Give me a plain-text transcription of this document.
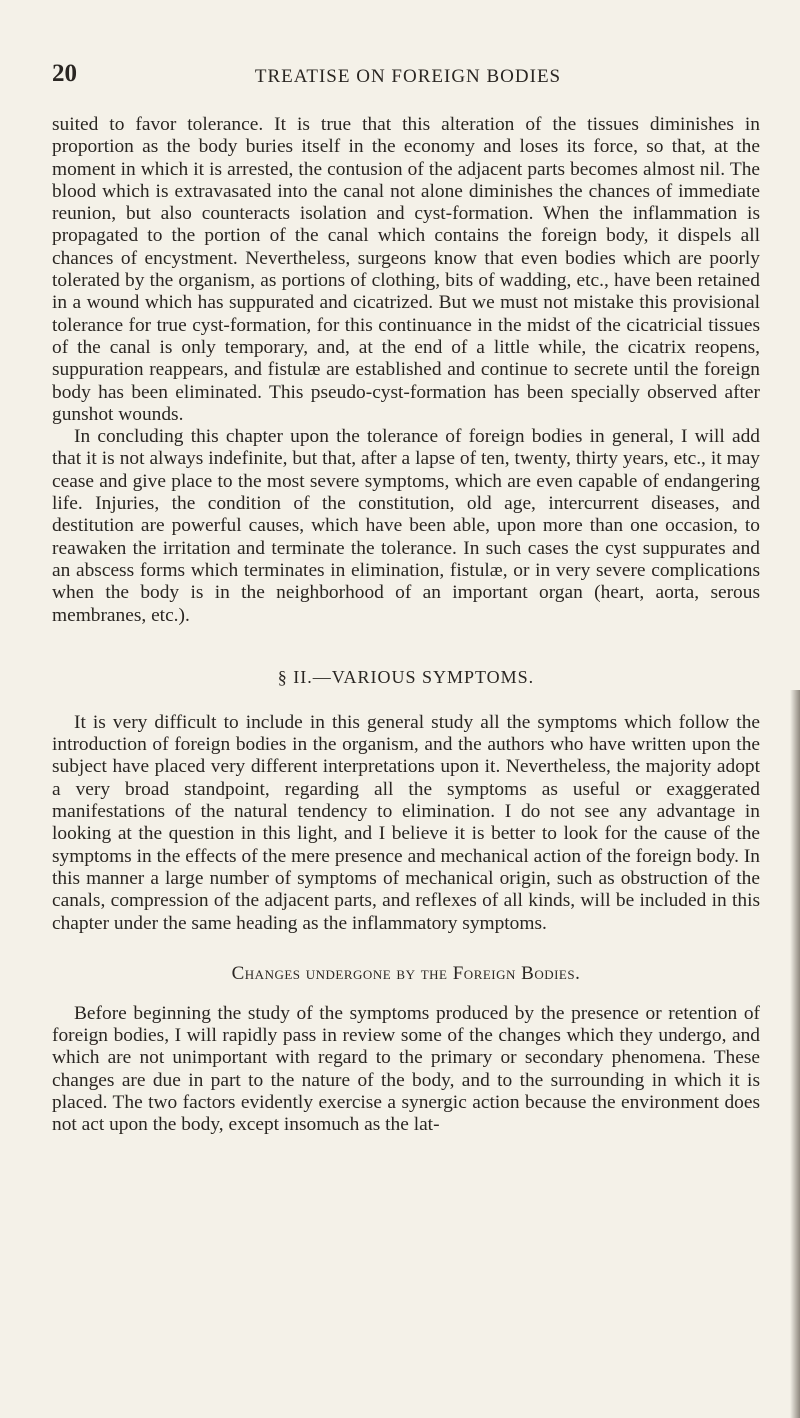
20	TREATISE ON FOREIGN BODIES

suited to favor tolerance. It is true that this alteration of the tissues diminishes in proportion as the body buries itself in the economy and loses its force, so that, at the moment in which it is arrested, the contusion of the adjacent parts becomes almost nil. The blood which is extravasated into the canal not alone diminishes the chances of immediate reunion, but also counteracts isolation and cyst-formation. When the inflammation is propagated to the portion of the canal which contains the foreign body, it dispels all chances of encystment. Nevertheless, surgeons know that even bodies which are poorly tolerated by the organism, as portions of clothing, bits of wadding, etc., have been retained in a wound which has suppurated and cicatrized. But we must not mistake this provisional tolerance for true cyst-formation, for this continuance in the midst of the cicatricial tissues of the canal is only temporary, and, at the end of a little while, the cicatrix reopens, suppuration reappears, and fistulæ are established and continue to secrete until the foreign body has been eliminated. This pseudo-cyst-formation has been specially observed after gunshot wounds.

In concluding this chapter upon the tolerance of foreign bodies in general, I will add that it is not always indefinite, but that, after a lapse of ten, twenty, thirty years, etc., it may cease and give place to the most severe symptoms, which are even capable of endangering life. Injuries, the condition of the constitution, old age, intercurrent diseases, and destitution are powerful causes, which have been able, upon more than one occasion, to reawaken the irritation and terminate the tolerance. In such cases the cyst suppurates and an abscess forms which terminates in elimination, fistulæ, or in very severe complications when the body is in the neighborhood of an important organ (heart, aorta, serous membranes, etc.).

§ II.—VARIOUS SYMPTOMS.

It is very difficult to include in this general study all the symptoms which follow the introduction of foreign bodies in the organism, and the authors who have written upon the subject have placed very different interpretations upon it. Nevertheless, the majority adopt a very broad standpoint, regarding all the symptoms as useful or exaggerated manifestations of the natural tendency to elimination. I do not see any advantage in looking at the question in this light, and I believe it is better to look for the cause of the symptoms in the effects of the mere presence and mechanical action of the foreign body. In this manner a large number of symptoms of mechanical origin, such as obstruction of the canals, compression of the adjacent parts, and reflexes of all kinds, will be included in this chapter under the same heading as the inflammatory symptoms.

Changes undergone by the Foreign Bodies.

Before beginning the study of the symptoms produced by the presence or retention of foreign bodies, I will rapidly pass in review some of the changes which they undergo, and which are not unimportant with regard to the primary or secondary phenomena. These changes are due in part to the nature of the body, and to the surrounding in which it is placed. The two factors evidently exercise a synergic action because the environment does not act upon the body, except insomuch as the lat-
